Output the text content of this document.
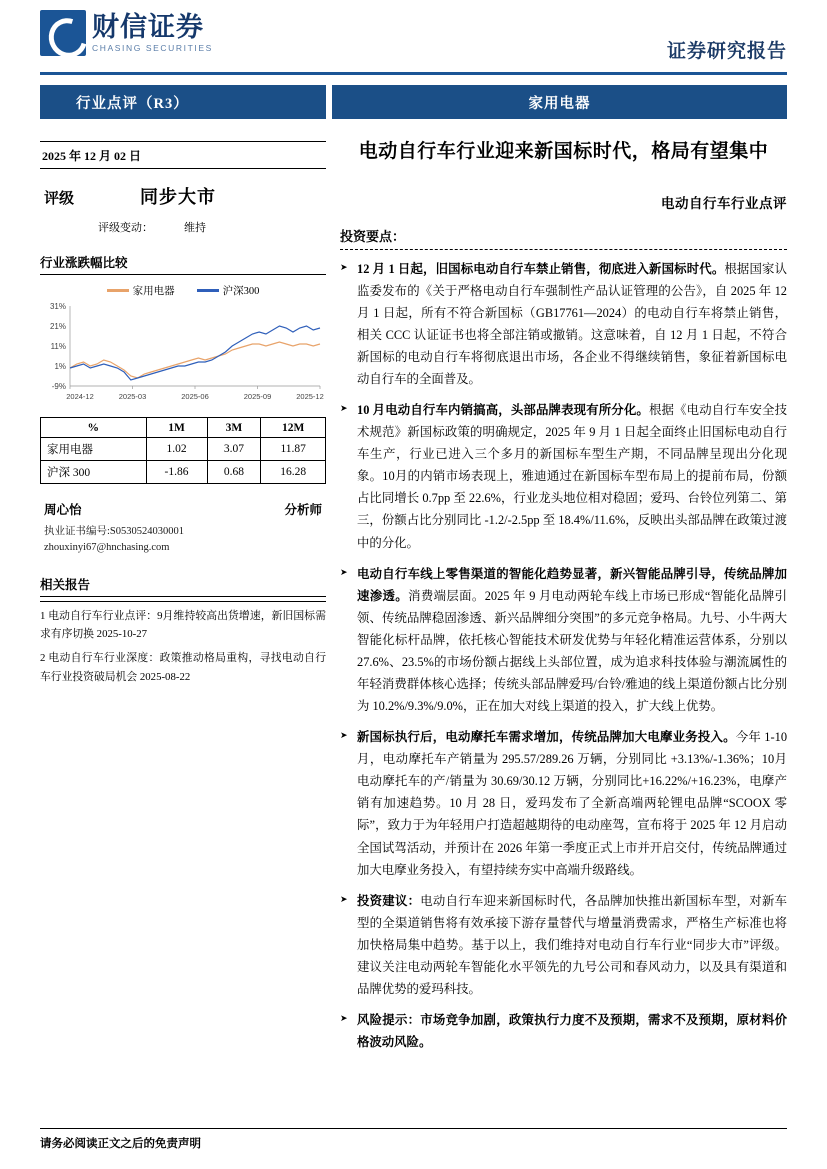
财信证券
CHASING SECURITIES	证券研究报告
行业点评（R3）	家用电器
2025 年 12 月 02 日
评级	同步大市
评级变动：	维持
行业涨跌幅比较
家用电器	沪深300
31%
21%
11%
1%
-9%
2024-12	2025-03	2025-06	2025-09	2025-12
%	1M	3M	12M
家用电器	1.02	3.07	11.87
沪深 300	-1.86	0.68	16.28
周心怡	分析师
执业证书编号:S0530524030001
zhouxinyi67@hnchasing.com
相关报告
1 电动自行车行业点评：9月维持较高出货增速，新旧国标需求有序切换 2025-10-27
2 电动自行车行业深度：政策推动格局重构，寻找电动自行车行业投资破局机会 2025-08-22
电动自行车行业迎来新国标时代，格局有望集中
电动自行车行业点评
投资要点：
➤ 12 月 1 日起，旧国标电动自行车禁止销售，彻底进入新国标时代。根据国家认监委发布的《关于严格电动自行车强制性产品认证管理的公告》，自 2025 年 12 月 1 日起，所有不符合新国标（GB17761—2024）的电动自行车将禁止销售，相关 CCC 认证证书也将全部注销或撤销。这意味着，自 12 月 1 日起，不符合新国标的电动自行车将彻底退出市场，各企业不得继续销售，象征着新国标电动自行车的全面普及。
➤ 10 月电动自行车内销搞高，头部品牌表现有所分化。根据《电动自行车安全技术规范》新国标政策的明确规定，2025 年 9 月 1 日起全面终止旧国标电动自行车生产，行业已进入三个多月的新国标车型生产期，不同品牌呈现出分化现象。10月的内销市场表现上，雅迪通过在新国标车型布局上的提前布局，份额占比同增长 0.7pp 至 22.6%，行业龙头地位相对稳固；爱玛、台铃位列第二、第三，份额占比分别同比 -1.2/-2.5pp 至 18.4%/11.6%，反映出头部品牌在政策过渡中的分化。
➤ 电动自行车线上零售渠道的智能化趋势显著，新兴智能品牌引导，传统品牌加速渗透。消费端层面。2025 年 9 月电动两轮车线上市场已形成“智能化品牌引领、传统品牌稳固渗透、新兴品牌细分突围”的多元竞争格局。九号、小牛两大智能化标杆品牌，依托核心智能技术研发优势与年轻化精准运营体系，分别以 27.6%、23.5%的市场份额占据线上头部位置，成为追求科技体验与潮流属性的年轻消费群体核心选择；传统头部品牌爱玛/台铃/雅迪的线上渠道份额占比分别为 10.2%/9.3%/9.0%，正在加大对线上渠道的投入，扩大线上优势。
➤ 新国标执行后，电动摩托车需求增加，传统品牌加大电摩业务投入。今年 1-10 月，电动摩托车产销量为 295.57/289.26 万辆，分别同比 +3.13%/-1.36%；10月电动摩托车的产/销量为 30.69/30.12 万辆，分别同比+16.22%/+16.23%，电摩产销有加速趋势。10 月 28 日，爱玛发布了全新高端两轮锂电品牌“SCOOX 零际”，致力于为年轻用户打造超越期待的电动座驾，宣布将于 2025 年 12 月启动全国试驾活动，并预计在 2026 年第一季度正式上市并开启交付，传统品牌通过加大电摩业务投入，有望持续夯实中高端升级路线。
➤ 投资建议：电动自行车迎来新国标时代，各品牌加快推出新国标车型，对新车型的全渠道销售将有效承接下游存量替代与增量消费需求，严格生产标准也将加快格局集中趋势。基于以上，我们维持对电动自行车行业“同步大市”评级。建议关注电动两轮车智能化水平领先的九号公司和春风动力，以及具有渠道和品牌优势的爱玛科技。
➤ 风险提示：市场竞争加剧，政策执行力度不及预期，需求不及预期，原材料价格波动风险。
请务必阅读正文之后的免责声明
